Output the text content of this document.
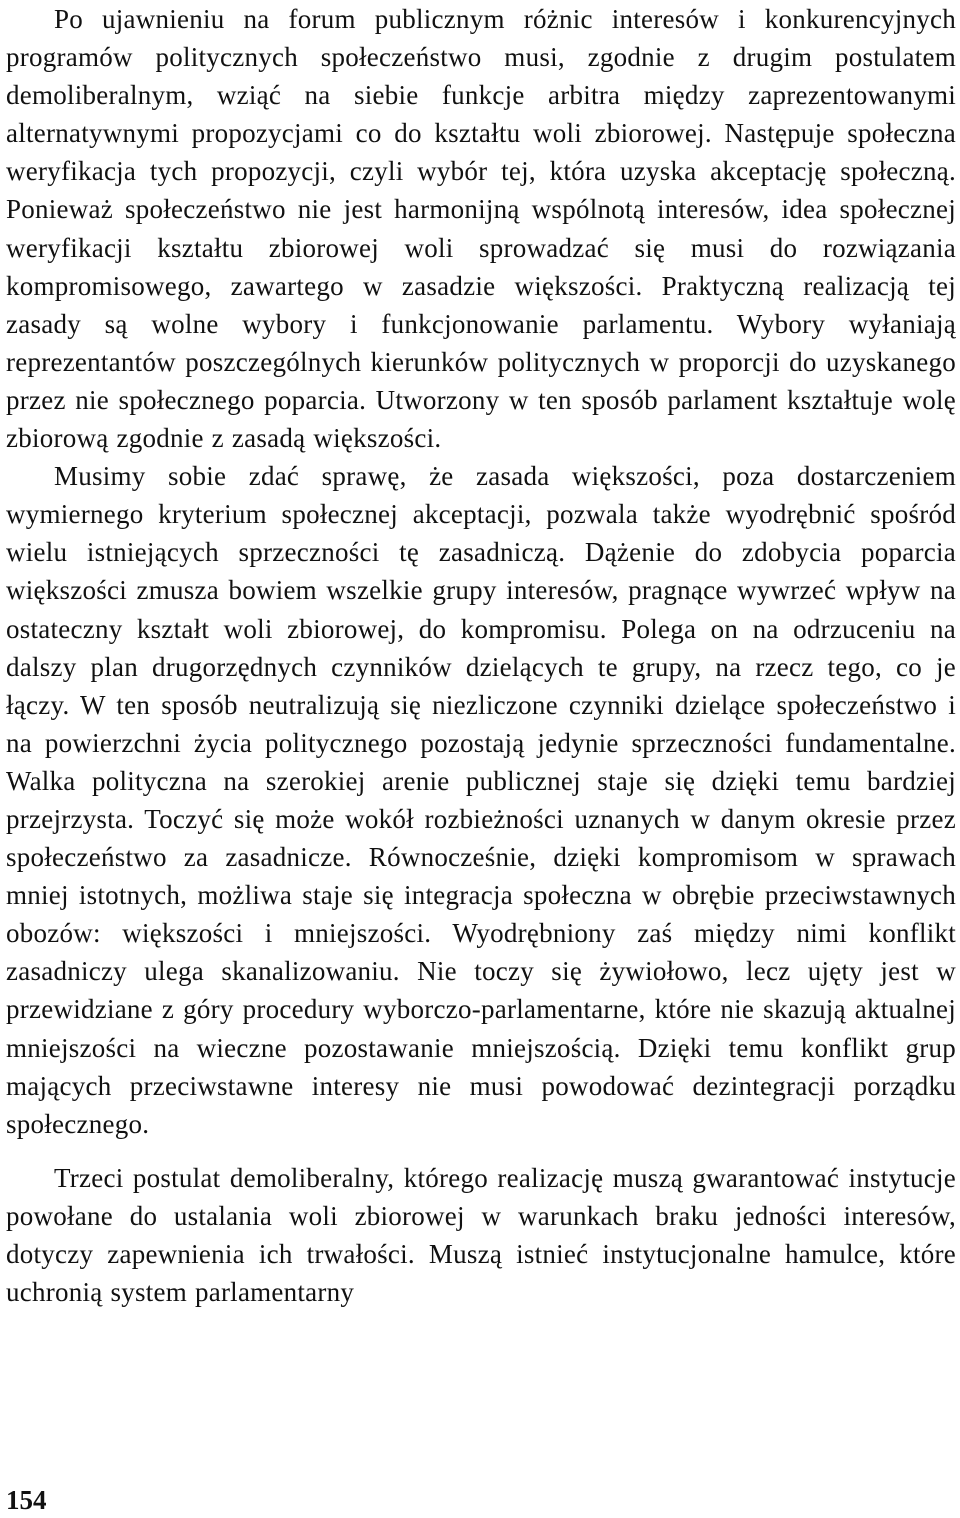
Po ujawnieniu na forum publicznym różnic interesów i konkurencyjnych programów politycznych społeczeństwo musi, zgodnie z drugim postulatem demoliberalnym, wziąć na siebie funkcje arbitra między zaprezentowanymi alternatywnymi propozycjami co do kształtu woli zbiorowej. Następuje społeczna weryfikacja tych propozycji, czyli wybór tej, która uzyska akceptację społeczną. Ponieważ społeczeństwo nie jest harmonijną wspólnotą interesów, idea społecznej weryfikacji kształtu zbiorowej woli sprowadzać się musi do rozwiązania kompromisowego, zawartego w zasadzie większości. Praktyczną realizacją tej zasady są wolne wybory i funkcjonowanie parlamentu. Wybory wyłaniają reprezentantów poszczególnych kierunków politycznych w proporcji do uzyskanego przez nie społecznego poparcia. Utworzony w ten sposób parlament kształtuje wolę zbiorową zgodnie z zasadą większości.

Musimy sobie zdać sprawę, że zasada większości, poza dostarczeniem wymiernego kryterium społecznej akceptacji, pozwala także wyodrębnić spośród wielu istniejących sprzeczności tę zasadniczą. Dążenie do zdobycia poparcia większości zmusza bowiem wszelkie grupy interesów, pragnące wywrzeć wpływ na ostateczny kształt woli zbiorowej, do kompromisu. Polega on na odrzuceniu na dalszy plan drugorzędnych czynników dzielących te grupy, na rzecz tego, co je łączy. W ten sposób neutralizują się niezliczone czynniki dzielące społeczeństwo i na powierzchni życia politycznego pozostają jedynie sprzeczności fundamentalne. Walka polityczna na szerokiej arenie publicznej staje się dzięki temu bardziej przejrzysta. Toczyć się może wokół rozbieżności uznanych w danym okresie przez społeczeństwo za zasadnicze. Równocześnie, dzięki kompromisom w sprawach mniej istotnych, możliwa staje się integracja społeczna w obrębie przeciwstawnych obozów: większości i mniejszości. Wyodrębniony zaś między nimi konflikt zasadniczy ulega skanalizowaniu. Nie toczy się żywiołowo, lecz ujęty jest w przewidziane z góry procedury wyborczo-parlamentarne, które nie skazują aktualnej mniejszości na wieczne pozostawanie mniejszością. Dzięki temu konflikt grup mających przeciwstawne interesy nie musi powodować dezintegracji porządku społecznego.

Trzeci postulat demoliberalny, którego realizację muszą gwarantować instytucje powołane do ustalania woli zbiorowej w warunkach braku jedności interesów, dotyczy zapewnienia ich trwałości. Muszą istnieć instytucjonalne hamulce, które uchronią system parlamentarny

154
